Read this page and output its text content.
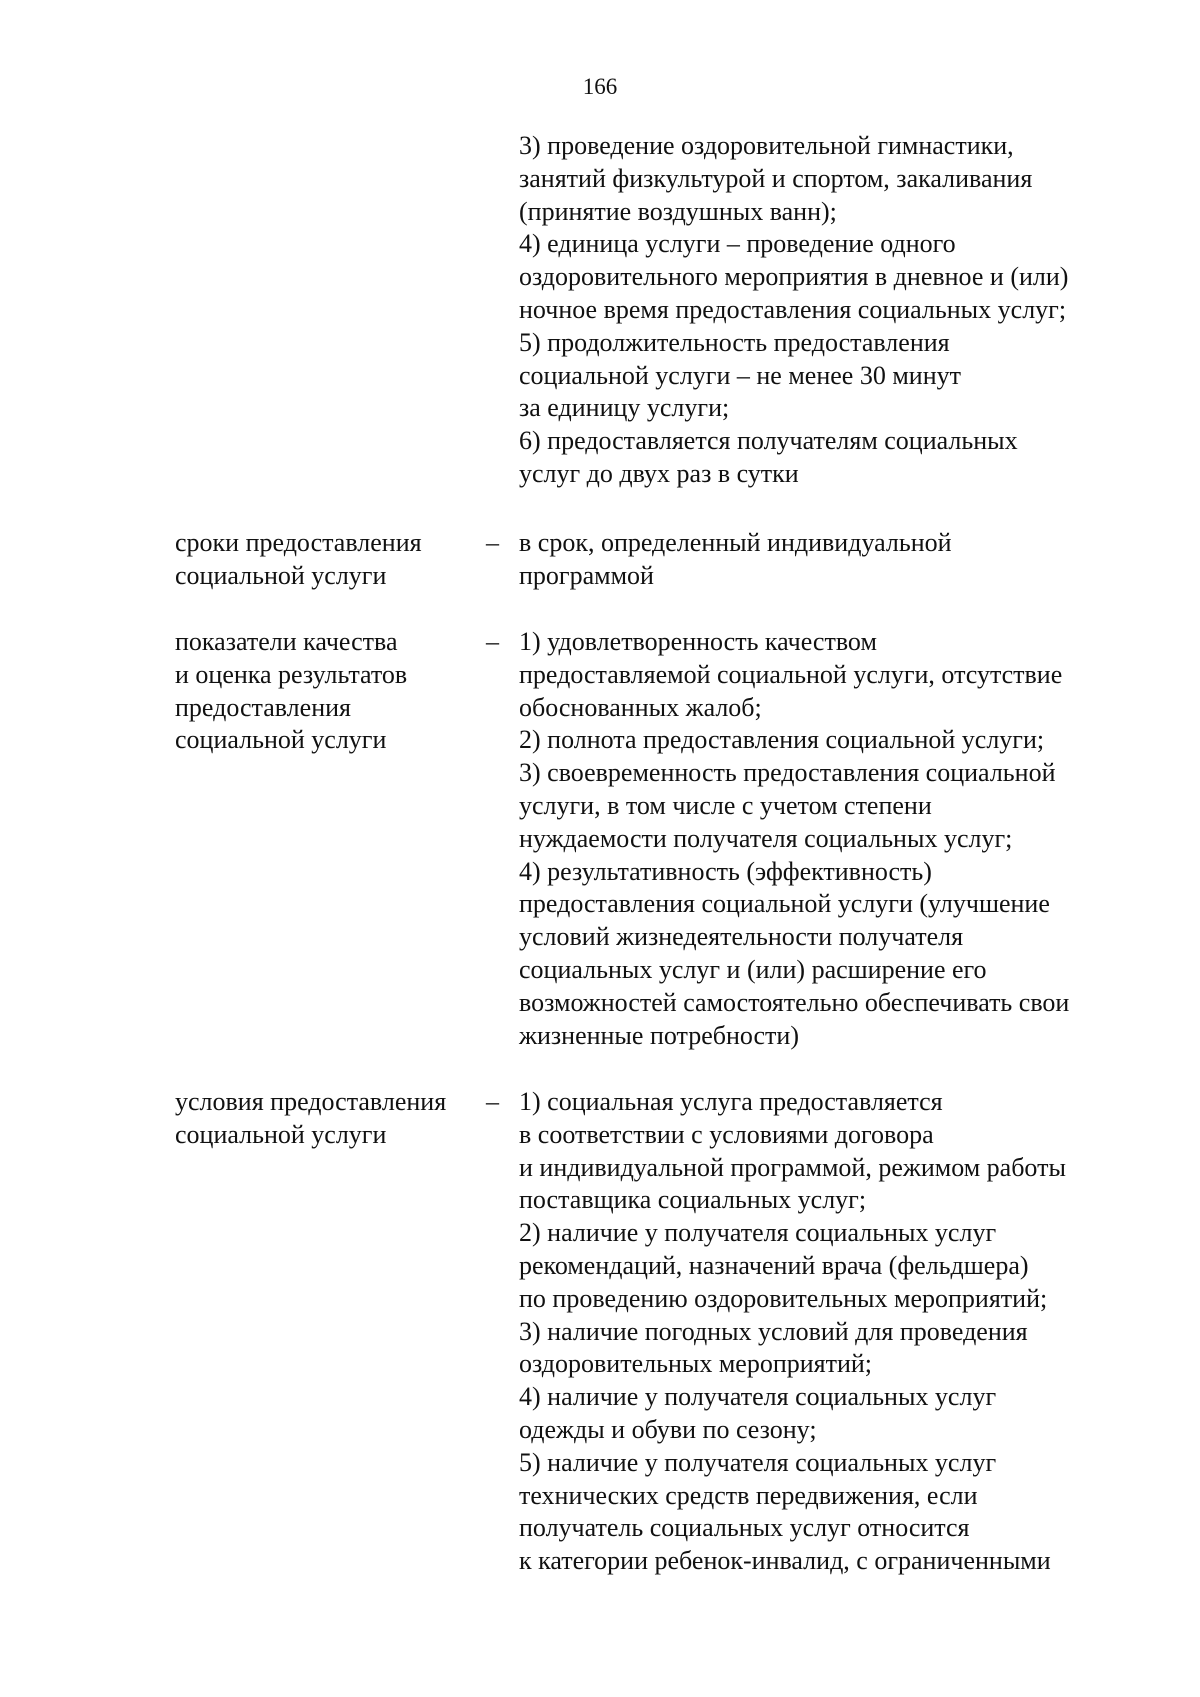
166
3) проведение оздоровительной гимнастики,
занятий физкультурой и спортом, закаливания
(принятие воздушных ванн);
4) единица услуги – проведение одного
оздоровительного мероприятия в дневное и (или)
ночное время предоставления социальных услуг;
5) продолжительность предоставления
социальной услуги – не менее 30 минут
за единицу услуги;
6) предоставляется получателям социальных
услуг до двух раз в сутки
сроки предоставления
социальной услуги
– в срок, определенный индивидуальной
программой
показатели качества
и оценка результатов
предоставления
социальной услуги
– 1) удовлетворенность качеством
предоставляемой социальной услуги, отсутствие
обоснованных жалоб;
2) полнота предоставления социальной услуги;
3) своевременность предоставления социальной
услуги, в том числе с учетом степени
нуждаемости получателя социальных услуг;
4) результативность (эффективность)
предоставления социальной услуги (улучшение
условий жизнедеятельности получателя
социальных услуг и (или) расширение его
возможностей самостоятельно обеспечивать свои
жизненные потребности)
условия предоставления
социальной услуги
– 1) социальная услуга предоставляется
в соответствии с условиями договора
и индивидуальной программой, режимом работы
поставщика социальных услуг;
2) наличие у получателя социальных услуг
рекомендаций, назначений врача (фельдшера)
по проведению оздоровительных мероприятий;
3) наличие погодных условий для проведения
оздоровительных мероприятий;
4) наличие у получателя социальных услуг
одежды и обуви по сезону;
5) наличие у получателя социальных услуг
технических средств передвижения, если
получатель социальных услуг относится
к категории ребенок-инвалид, с ограниченными
